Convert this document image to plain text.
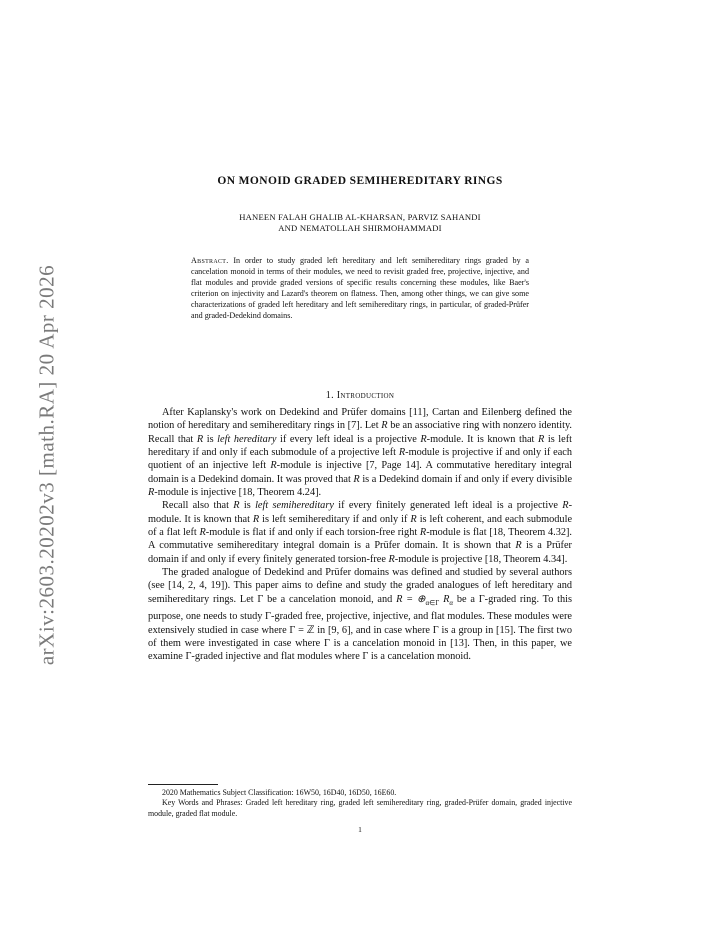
arXiv:2603.20202v3 [math.RA] 20 Apr 2026
ON MONOID GRADED SEMIHEREDITARY RINGS
HANEEN FALAH GHALIB AL-KHARSAN, PARVIZ SAHANDI
AND NEMATOLLAH SHIRMOHAMMADI
Abstract. In order to study graded left hereditary and left semihereditary rings graded by a cancelation monoid in terms of their modules, we need to revisit graded free, projective, injective, and flat modules and provide graded versions of specific results concerning these modules, like Baer's criterion on injectivity and Lazard's theorem on flatness. Then, among other things, we can give some characterizations of graded left hereditary and left semihereditary rings, in particular, of graded-Prüfer and graded-Dedekind domains.
1. Introduction

After Kaplansky's work on Dedekind and Prüfer domains [11], Cartan and Eilenberg defined the notion of hereditary and semihereditary rings in [7]. Let R be an associative ring with nonzero identity. Recall that R is left hereditary if every left ideal is a projective R-module. It is known that R is left hereditary if and only if each submodule of a projective left R-module is projective if and only if each quotient of an injective left R-module is injective [7, Page 14]. A commutative hereditary integral domain is a Dedekind domain. It was proved that R is a Dedekind domain if and only if every divisible R-module is injective [18, Theorem 4.24].

Recall also that R is left semihereditary if every finitely generated left ideal is a projective R-module. It is known that R is left semihereditary if and only if R is left coherent, and each submodule of a flat left R-module is flat if and only if each torsion-free right R-module is flat [18, Theorem 4.32]. A commutative semihereditary integral domain is a Prüfer domain. It is shown that R is a Prüfer domain if and only if every finitely generated torsion-free R-module is projective [18, Theorem 4.34].

The graded analogue of Dedekind and Prüfer domains was defined and studied by several authors (see [14, 2, 4, 19]). This paper aims to define and study the graded analogues of left hereditary and semihereditary rings. Let Γ be a cancelation monoid, and $R = \oplus_{\alpha\in\Gamma}$ $R_\alpha$ be a Γ-graded ring. To this purpose, one needs to study Γ-graded free, projective, injective, and flat modules. These modules were extensively studied in case where Γ = ℤ in [9, 6], and in case where Γ is a group in [15]. The first two of them were investigated in case where Γ is a cancelation monoid in [13]. Then, in this paper, we examine Γ-graded injective and flat modules where Γ is a cancelation monoid.

2020 Mathematics Subject Classification: 16W50, 16D40, 16D50, 16E60.

Key Words and Phrases: Graded left hereditary ring, graded left semihereditary ring, graded-Prüfer domain, graded injective module, graded flat module.

1
